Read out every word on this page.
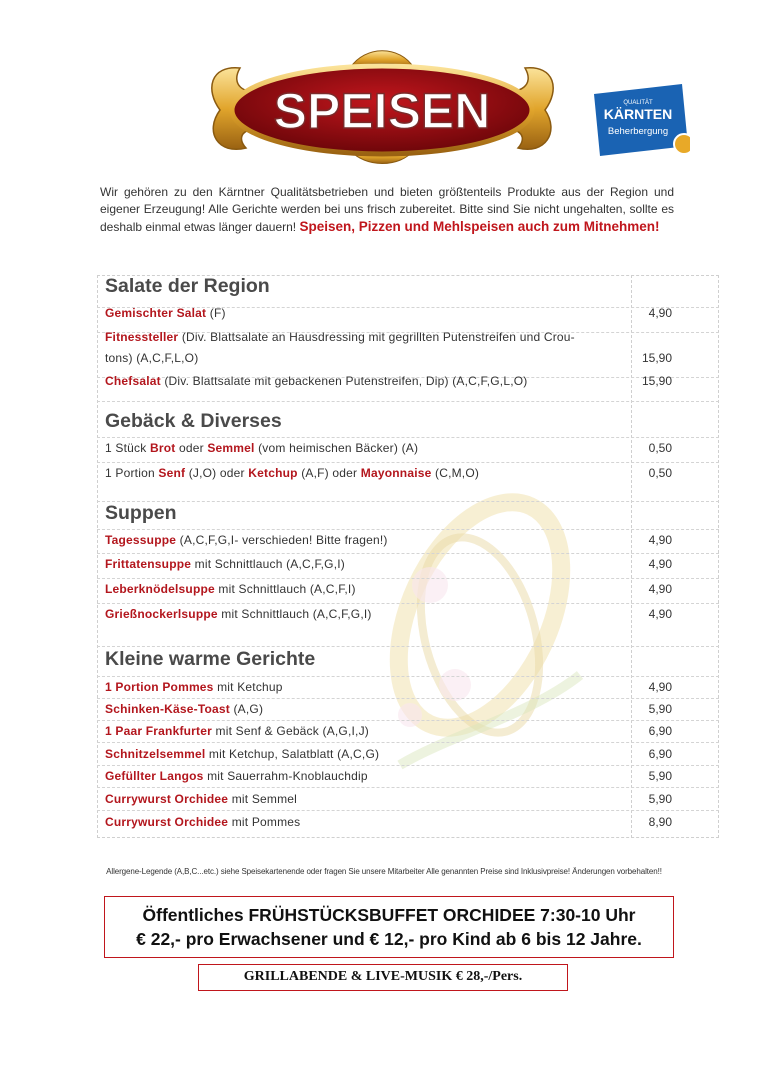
SPEISEN	QUALITÄT
KÄRNTEN
Beherbergung
Wir gehören zu den Kärntner Qualitätsbetrieben und bieten größtenteils Produkte aus der Region und eigener Erzeugung! Alle Gerichte werden bei uns frisch zubereitet. Bitte sind Sie nicht ungehalten, sollte es deshalb einmal etwas länger dauern! Speisen, Pizzen und Mehlspeisen auch zum Mitnehmen!
Salate der Region
Gebäck & Diverses
Suppen
Kleine warme Gerichte
Gemischter Salat (F)	4,90
Fitnessteller (Div. Blattsalate an Hausdressing mit gegrillten Putenstreifen und Crou-
tons) (A,C,F,L,O)	15,90
Chefsalat (Div. Blattsalate mit gebackenen Putenstreifen, Dip) (A,C,F,G,L,O)	15,90
1 Stück Brot oder Semmel (vom heimischen Bäcker) (A)	0,50
1 Portion Senf (J,O) oder Ketchup (A,F) oder Mayonnaise (C,M,O)	0,50
Tagessuppe (A,C,F,G,I- verschieden! Bitte fragen!)	4,90
Frittatensuppe mit Schnittlauch (A,C,F,G,I)	4,90
Leberknödelsuppe mit Schnittlauch (A,C,F,I)	4,90
Grießnockerlsuppe mit Schnittlauch (A,C,F,G,I)	4,90
1 Portion Pommes mit Ketchup	4,90
Schinken-Käse-Toast (A,G)	5,90
1 Paar Frankfurter mit Senf & Gebäck (A,G,I,J)	6,90
Schnitzelsemmel mit Ketchup, Salatblatt (A,C,G)	6,90
Gefüllter Langos mit Sauerrahm-Knoblauchdip	5,90
Currywurst Orchidee mit Semmel	5,90
Currywurst Orchidee mit Pommes	8,90
Allergene-Legende (A,B,C...etc.) siehe Speisekartenende oder fragen Sie unsere Mitarbeiter Alle genannten Preise sind Inklusivpreise! Änderungen vorbehalten!!
Öffentliches FRÜHSTÜCKSBUFFET ORCHIDEE 7:30-10 Uhr
€ 22,- pro Erwachsener und € 12,- pro Kind ab 6 bis 12 Jahre.
GRILLABENDE & LIVE-MUSIK € 28,-/Pers.
